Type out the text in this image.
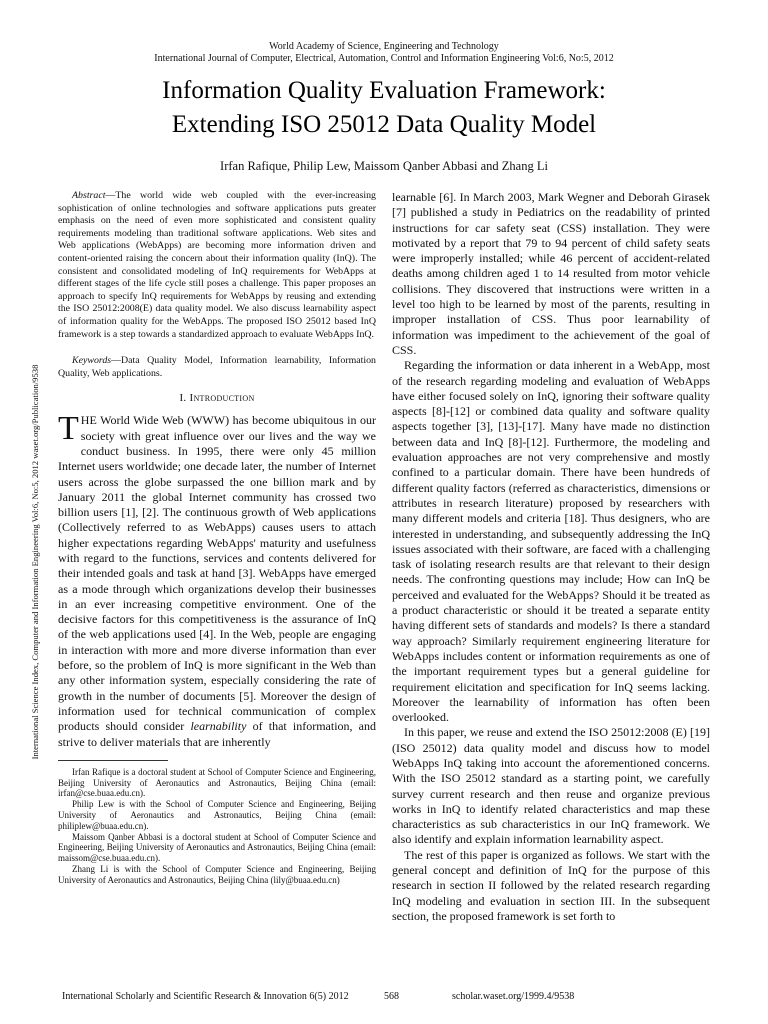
World Academy of Science, Engineering and Technology
International Journal of Computer, Electrical, Automation, Control and Information Engineering Vol:6, No:5, 2012
Information Quality Evaluation Framework:
Extending ISO 25012 Data Quality Model
Irfan Rafique, Philip Lew, Maissom Qanber Abbasi and Zhang Li
International Science Index, Computer and Information Engineering Vol:6, No:5, 2012 waset.org/Publication/9538

Abstract—The world wide web coupled with the ever-increasing sophistication of online technologies and software applications puts greater emphasis on the need of even more sophisticated and consistent quality requirements modeling than traditional software applications. Web sites and Web applications (WebApps) are becoming more information driven and content-oriented raising the concern about their information quality (InQ). The consistent and consolidated modeling of InQ requirements for WebApps at different stages of the life cycle still poses a challenge. This paper proposes an approach to specify InQ requirements for WebApps by reusing and extending the ISO 25012:2008(E) data quality model. We also discuss learnability aspect of information quality for the WebApps. The proposed ISO 25012 based InQ framework is a step towards a standardized approach to evaluate WebApps InQ.

Keywords—Data Quality Model, Information learnability, Information Quality, Web applications.

I. Introduction

THE World Wide Web (WWW) has become ubiquitous in our society with great influence over our lives and the way we conduct business. In 1995, there were only 45 million Internet users worldwide; one decade later, the number of Internet users across the globe surpassed the one billion mark and by January 2011 the global Internet community has crossed two billion users [1], [2]. The continuous growth of Web applications (Collectively referred to as WebApps) causes users to attach higher expectations regarding WebApps' maturity and usefulness with regard to the functions, services and contents delivered for their intended goals and task at hand [3]. WebApps have emerged as a mode through which organizations develop their businesses in an ever increasing competitive environment. One of the decisive factors for this competitiveness is the assurance of InQ of the web applications used [4]. In the Web, people are engaging in interaction with more and more diverse information than ever before, so the problem of InQ is more significant in the Web than any other information system, especially considering the rate of growth in the number of documents [5]. Moreover the design of information used for technical communication of complex products should consider learnability of that information, and strive to deliver materials that are inherently

Irfan Rafique is a doctoral student at School of Computer Science and Engineering, Beijing University of Aeronautics and Astronautics, Beijing China (email: irfan@cse.buaa.edu.cn).

Philip Lew is with the School of Computer Science and Engineering, Beijing University of Aeronautics and Astronautics, Beijing China (email: philiplew@buaa.edu.cn).

Maissom Qanber Abbasi is a doctoral student at School of Computer Science and Engineering, Beijing University of Aeronautics and Astronautics, Beijing China (email: maissom@cse.buaa.edu.cn).

Zhang Li is with the School of Computer Science and Engineering, Beijing University of Aeronautics and Astronautics, Beijing China (lily@buaa.edu.cn)

learnable [6]. In March 2003, Mark Wegner and Deborah Girasek [7] published a study in Pediatrics on the readability of printed instructions for car safety seat (CSS) installation. They were motivated by a report that 79 to 94 percent of child safety seats were improperly installed; while 46 percent of accident-related deaths among children aged 1 to 14 resulted from motor vehicle collisions. They discovered that instructions were written in a level too high to be learned by most of the parents, resulting in improper installation of CSS. Thus poor learnability of information was impediment to the achievement of the goal of CSS.

Regarding the information or data inherent in a WebApp, most of the research regarding modeling and evaluation of WebApps have either focused solely on InQ, ignoring their software quality aspects [8]-[12] or combined data quality and software quality aspects together [3], [13]-[17]. Many have made no distinction between data and InQ [8]-[12]. Furthermore, the modeling and evaluation approaches are not very comprehensive and mostly confined to a particular domain. There have been hundreds of different quality factors (referred as characteristics, dimensions or attributes in research literature) proposed by researchers with many different models and criteria [18]. Thus designers, who are interested in understanding, and subsequently addressing the InQ issues associated with their software, are faced with a challenging task of isolating research results are that relevant to their design needs. The confronting questions may include; How can InQ be perceived and evaluated for the WebApps? Should it be treated as a product characteristic or should it be treated a separate entity having different sets of standards and models? Is there a standard way approach? Similarly requirement engineering literature for WebApps includes content or information requirements as one of the important requirement types but a general guideline for requirement elicitation and specification for InQ seems lacking. Moreover the learnability of information has often been overlooked.

In this paper, we reuse and extend the ISO 25012:2008 (E) [19] (ISO 25012) data quality model and discuss how to model WebApps InQ taking into account the aforementioned concerns. With the ISO 25012 standard as a starting point, we carefully survey current research and then reuse and organize previous works in InQ to identify related characteristics and map these characteristics as sub characteristics in our InQ framework. We also identify and explain information learnability aspect.

The rest of this paper is organized as follows. We start with the general concept and definition of InQ for the purpose of this research in section II followed by the related research regarding InQ modeling and evaluation in section III. In the subsequent section, the proposed framework is set forth to

International Scholarly and Scientific Research & Innovation 6(5) 2012	568	scholar.waset.org/1999.4/9538
